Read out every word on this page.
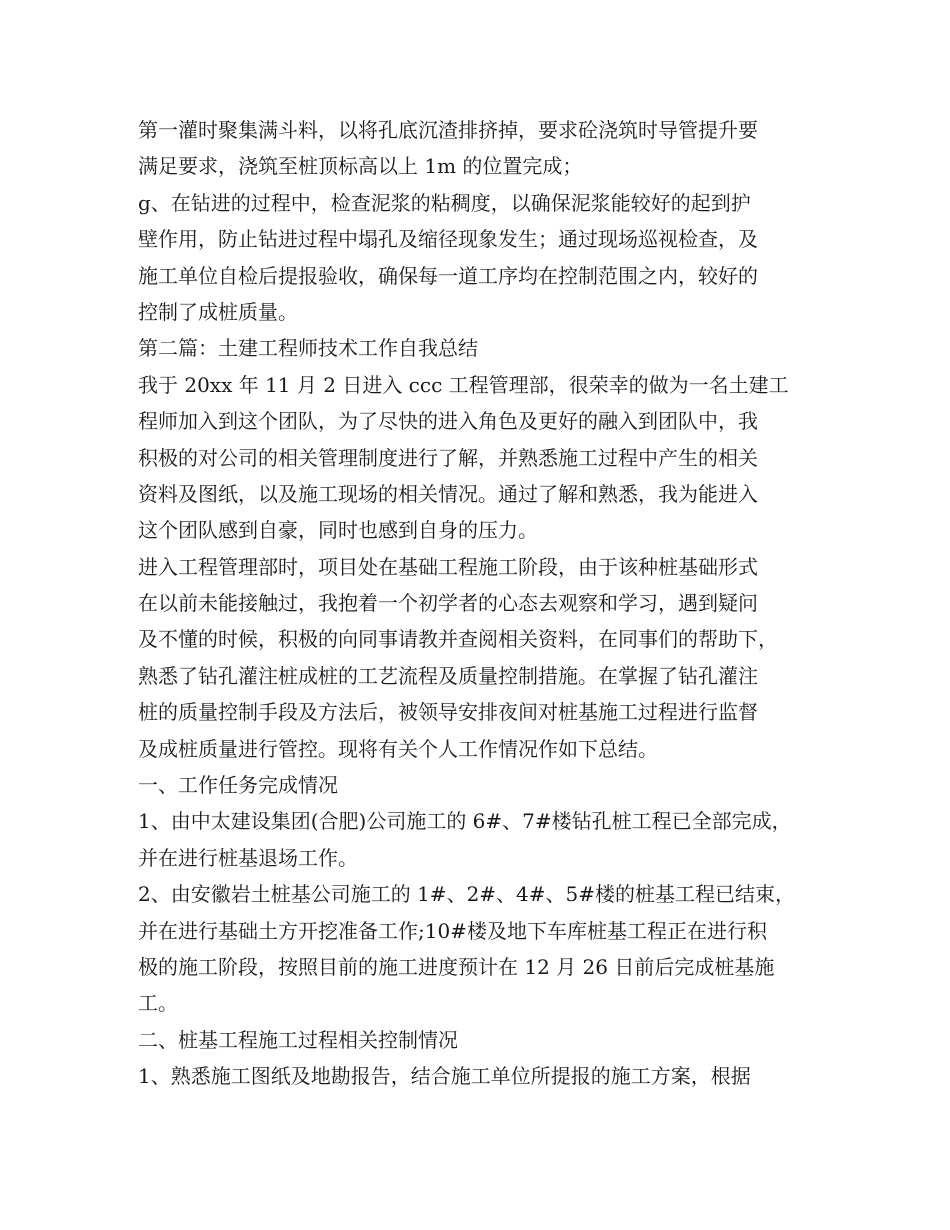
第一灌时聚集满斗料，以将孔底沉渣排挤掉，要求砼浇筑时导管提升要
满足要求，浇筑至桩顶标高以上 1m 的位置完成；
g、在钻进的过程中，检查泥浆的粘稠度，以确保泥浆能较好的起到护
壁作用，防止钻进过程中塌孔及缩径现象发生；通过现场巡视检查，及
施工单位自检后提报验收，确保每一道工序均在控制范围之内，较好的
控制了成桩质量。
第二篇：土建工程师技术工作自我总结
我于 20xx 年 11 月 2 日进入 ccc 工程管理部，很荣幸的做为一名土建工
程师加入到这个团队，为了尽快的进入角色及更好的融入到团队中，我
积极的对公司的相关管理制度进行了解，并熟悉施工过程中产生的相关
资料及图纸，以及施工现场的相关情况。通过了解和熟悉，我为能进入
这个团队感到自豪，同时也感到自身的压力。
进入工程管理部时，项目处在基础工程施工阶段，由于该种桩基础形式
在以前未能接触过，我抱着一个初学者的心态去观察和学习，遇到疑问
及不懂的时候，积极的向同事请教并查阅相关资料，在同事们的帮助下，
熟悉了钻孔灌注桩成桩的工艺流程及质量控制措施。在掌握了钻孔灌注
桩的质量控制手段及方法后，被领导安排夜间对桩基施工过程进行监督
及成桩质量进行管控。现将有关个人工作情况作如下总结。
一、工作任务完成情况
1、由中太建设集团(合肥)公司施工的 6#、7#楼钻孔桩工程已全部完成，
并在进行桩基退场工作。
2、由安徽岩土桩基公司施工的 1#、2#、4#、5#楼的桩基工程已结束，
并在进行基础土方开挖准备工作;10#楼及地下车库桩基工程正在进行积
极的施工阶段，按照目前的施工进度预计在 12 月 26 日前后完成桩基施
工。
二、桩基工程施工过程相关控制情况
1、熟悉施工图纸及地勘报告，结合施工单位所提报的施工方案，根据
